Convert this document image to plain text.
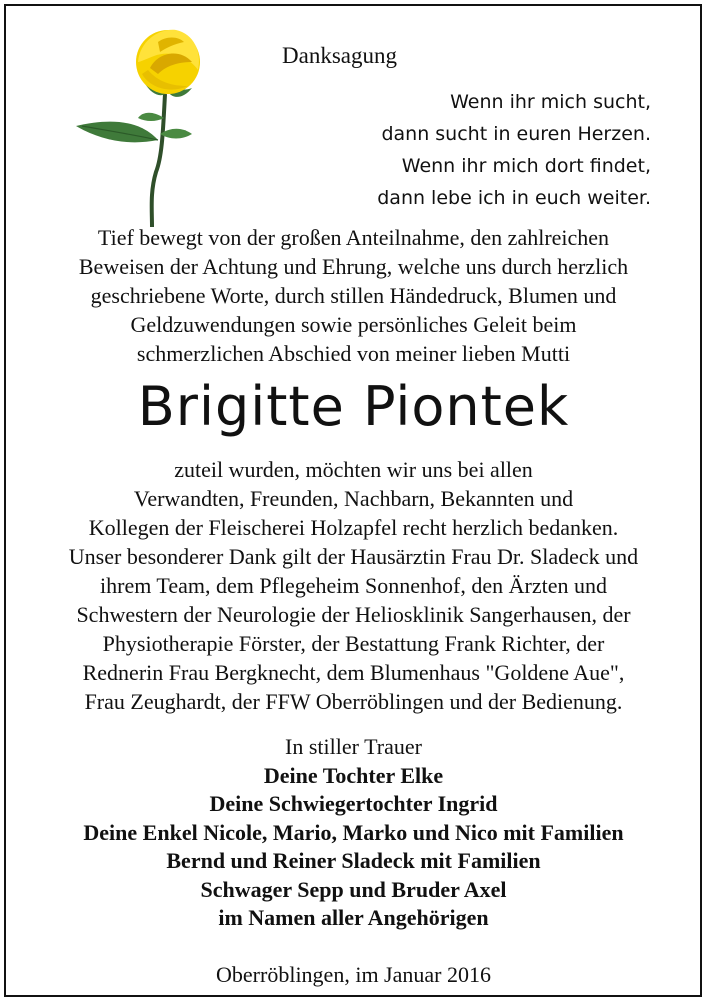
Danksagung
Wenn ihr mich sucht,
dann sucht in euren Herzen.
Wenn ihr mich dort findet,
dann lebe ich in euch weiter.
Tief bewegt von der großen Anteilnahme, den zahlreichen
Beweisen der Achtung und Ehrung, welche uns durch herzlich
geschriebene Worte, durch stillen Händedruck, Blumen und
Geldzuwendungen sowie persönliches Geleit beim
schmerzlichen Abschied von meiner lieben Mutti
Brigitte Piontek
zuteil wurden, möchten wir uns bei allen
Verwandten, Freunden, Nachbarn, Bekannten und
Kollegen der Fleischerei Holzapfel recht herzlich bedanken.
Unser besonderer Dank gilt der Hausärztin Frau Dr. Sladeck und
ihrem Team, dem Pflegeheim Sonnenhof, den Ärzten und
Schwestern der Neurologie der Heliosklinik Sangerhausen, der
Physiotherapie Förster, der Bestattung Frank Richter, der
Rednerin Frau Bergknecht, dem Blumenhaus "Goldene Aue",
Frau Zeughardt, der FFW Oberröblingen und der Bedienung.
In stiller Trauer
Deine Tochter Elke
Deine Schwiegertochter Ingrid
Deine Enkel Nicole, Mario, Marko und Nico mit Familien
Bernd und Reiner Sladeck mit Familien
Schwager Sepp und Bruder Axel
im Namen aller Angehörigen
Oberröblingen, im Januar 2016
